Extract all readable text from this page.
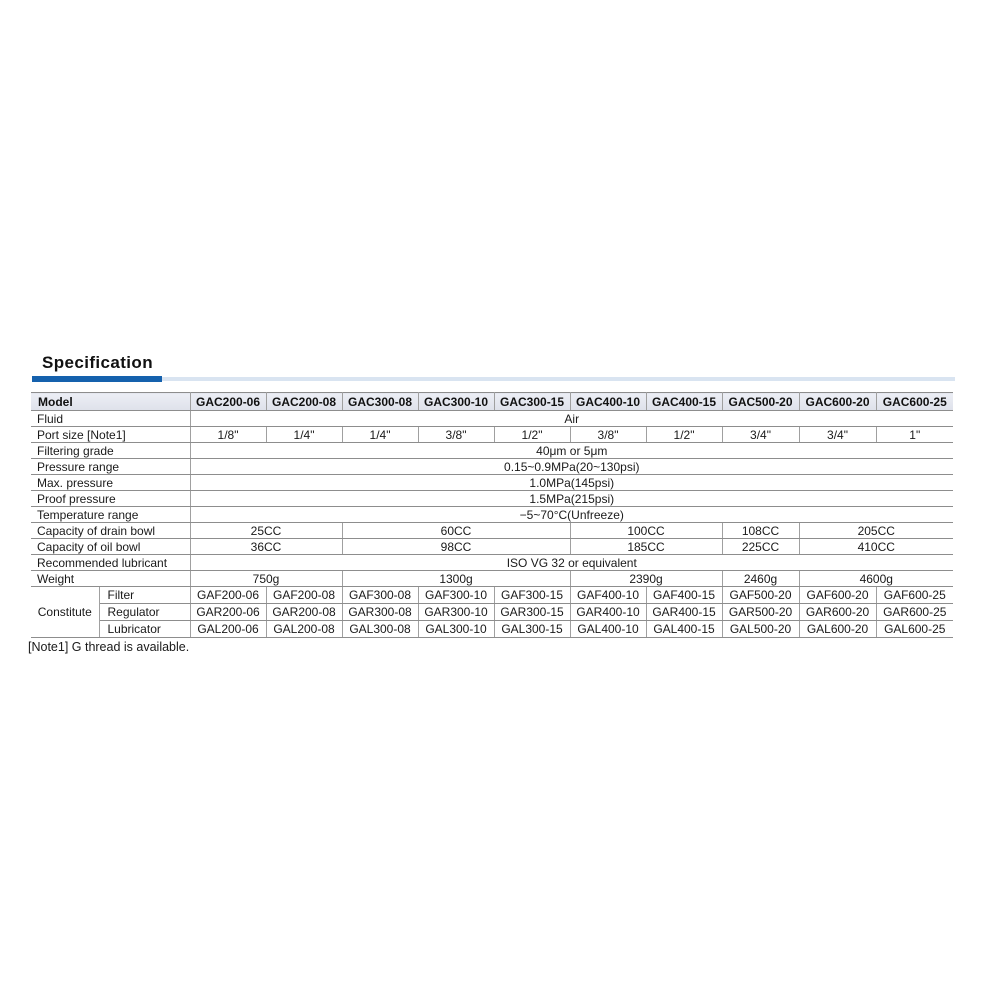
Specification
Model		GAC200-06	GAC200-08	GAC300-08	GAC300-10	GAC300-15	GAC400-10	GAC400-15	GAC500-20	GAC600-20	GAC600-25
Fluid		Air									
Port size [Note1]		1/8"	1/4"	1/4"	3/8"	1/2"	3/8"	1/2"	3/4"	3/4"	1"
Filtering grade		40μm or 5μm									
Pressure range		0.15~0.9MPa(20~130psi)									
Max. pressure		1.0MPa(145psi)									
Proof pressure		1.5MPa(215psi)									
Temperature range		−5~70°C(Unfreeze)									
Capacity of drain bowl		25CC		60CC			100CC		108CC	205CC	
Capacity of oil bowl		36CC		98CC			185CC		225CC	410CC	
Recommended lubricant		ISO VG 32 or equivalent									
Weight		750g		1300g			2390g		2460g	4600g	
Constitute	Filter	GAF200-06	GAF200-08	GAF300-08	GAF300-10	GAF300-15	GAF400-10	GAF400-15	GAF500-20	GAF600-20	GAF600-25
	Regulator	GAR200-06	GAR200-08	GAR300-08	GAR300-10	GAR300-15	GAR400-10	GAR400-15	GAR500-20	GAR600-20	GAR600-25
	Lubricator	GAL200-06	GAL200-08	GAL300-08	GAL300-10	GAL300-15	GAL400-10	GAL400-15	GAL500-20	GAL600-20	GAL600-25
[Note1] G thread is available.
